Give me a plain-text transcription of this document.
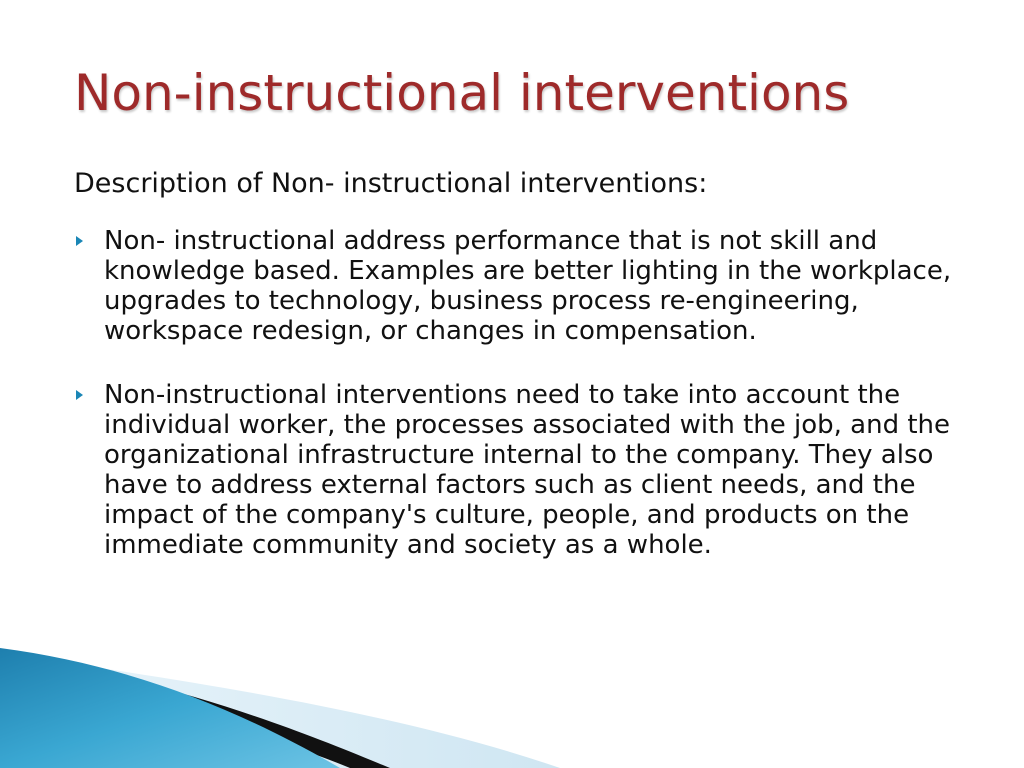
Non-instructional interventions

Description of Non- instructional interventions:

Non- instructional address performance that is not skill and knowledge based. Examples are better lighting in the workplace, upgrades to technology, business process re-engineering, workspace redesign, or changes in compensation.
Non-instructional interventions need to take into account the individual worker, the processes associated with the job, and the organizational infrastructure internal to the company. They also have to address external factors such as client needs, and the impact of the company's culture, people, and products on the immediate community and society as a whole.
